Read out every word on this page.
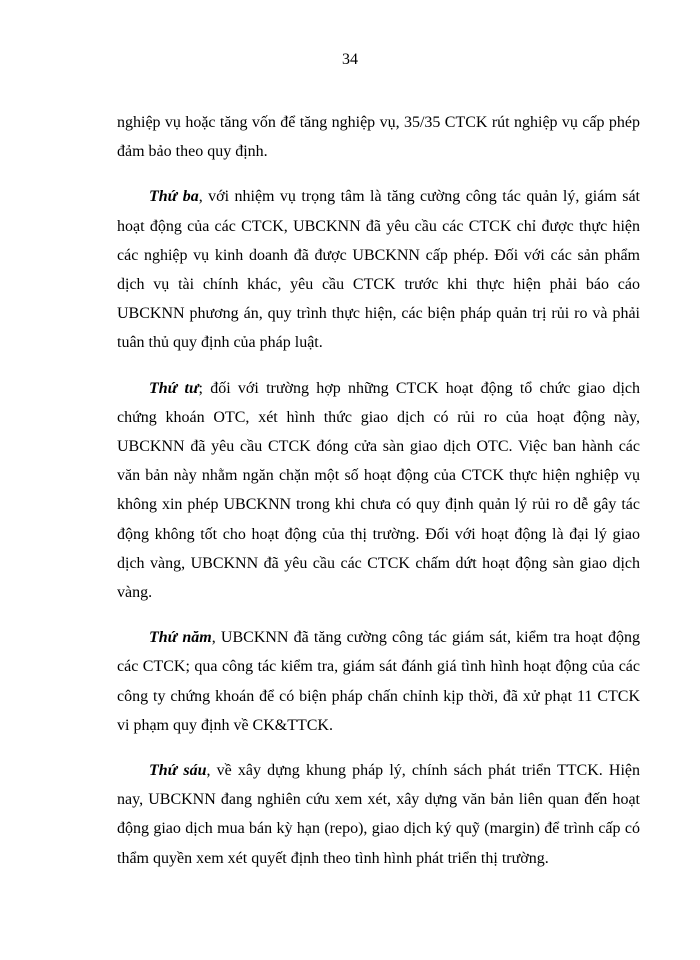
34

nghiệp vụ hoặc tăng vốn để tăng nghiệp vụ, 35/35 CTCK rút nghiệp vụ cấp phép đảm bảo theo quy định.

Thứ ba, với nhiệm vụ trọng tâm là tăng cường công tác quản lý, giám sát hoạt động của các CTCK, UBCKNN đã yêu cầu các CTCK chỉ được thực hiện các nghiệp vụ kinh doanh đã được UBCKNN cấp phép. Đối với các sản phẩm dịch vụ tài chính khác, yêu cầu CTCK trước khi thực hiện phải báo cáo UBCKNN phương án, quy trình thực hiện, các biện pháp quản trị rủi ro và phải tuân thủ quy định của pháp luật.

Thứ tư; đối với trường hợp những CTCK hoạt động tổ chức giao dịch chứng khoán OTC, xét hình thức giao dịch có rủi ro của hoạt động này, UBCKNN đã yêu cầu CTCK đóng cửa sàn giao dịch OTC. Việc ban hành các văn bản này nhằm ngăn chặn một số hoạt động của CTCK thực hiện nghiệp vụ không xin phép UBCKNN trong khi chưa có quy định quản lý rủi ro dễ gây tác động không tốt cho hoạt động của thị trường. Đối với hoạt động là đại lý giao dịch vàng, UBCKNN đã yêu cầu các CTCK chấm dứt hoạt động sàn giao dịch vàng.

Thứ năm, UBCKNN đã tăng cường công tác giám sát, kiểm tra hoạt động các CTCK; qua công tác kiểm tra, giám sát đánh giá tình hình hoạt động của các công ty chứng khoán để có biện pháp chấn chỉnh kịp thời, đã xử phạt 11 CTCK vi phạm quy định về CK&TTCK.

Thứ sáu, về xây dựng khung pháp lý, chính sách phát triển TTCK. Hiện nay, UBCKNN đang nghiên cứu xem xét, xây dựng văn bản liên quan đến hoạt động giao dịch mua bán kỳ hạn (repo), giao dịch ký quỹ (margin) để trình cấp có thẩm quyền xem xét quyết định theo tình hình phát triển thị trường.
